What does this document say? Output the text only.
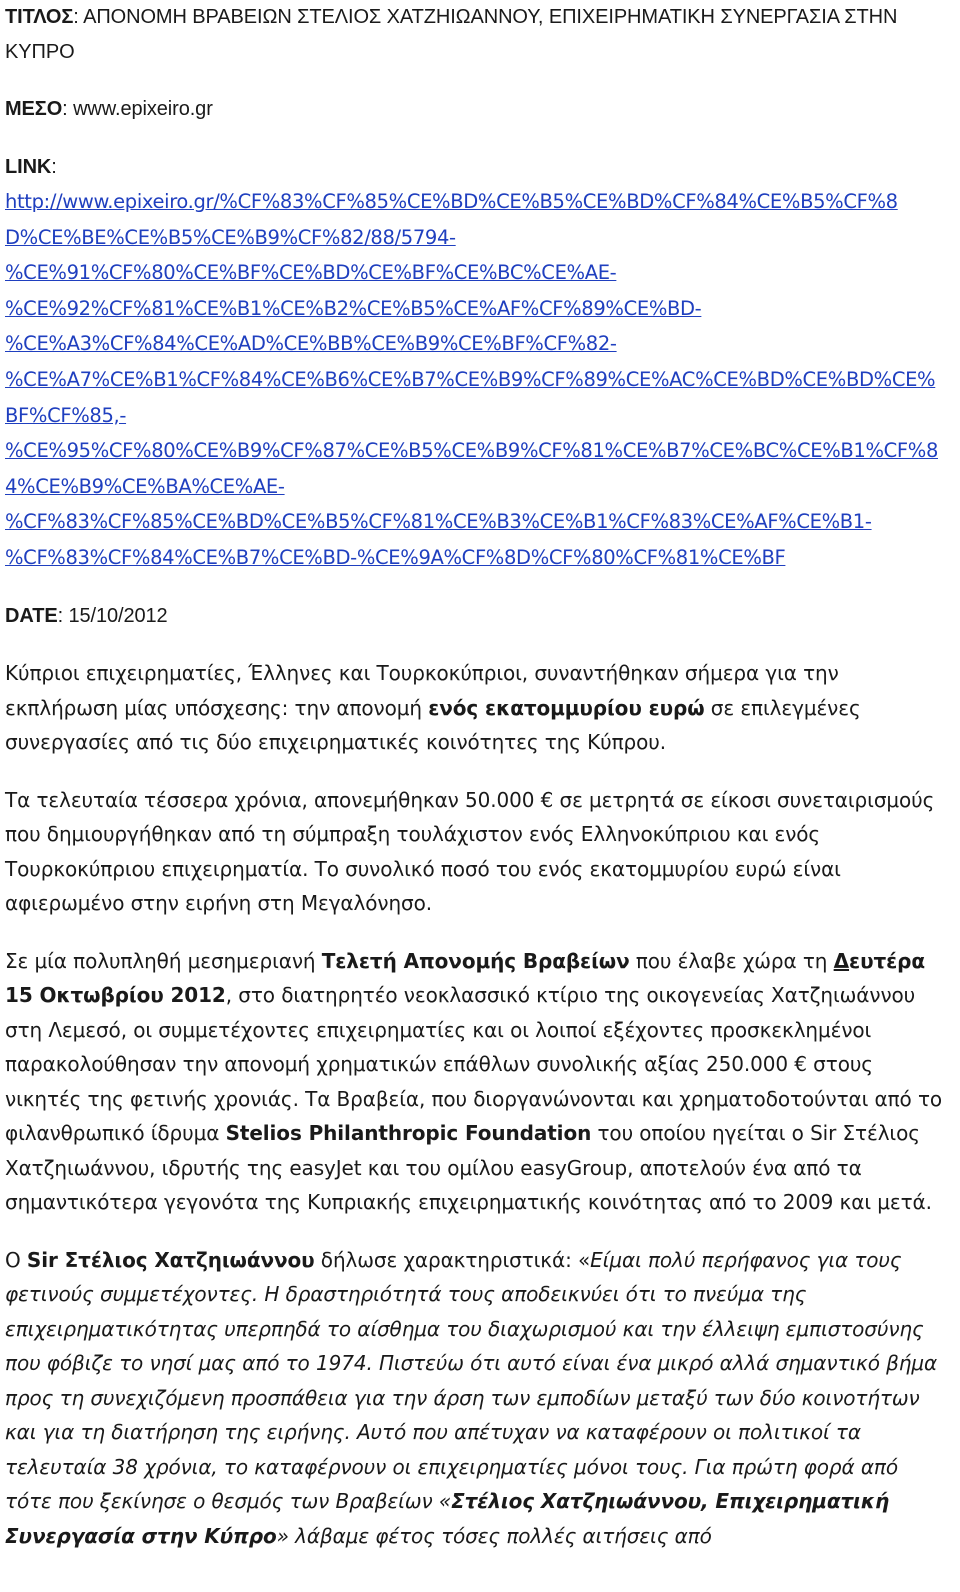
ΤΙΤΛΟΣ: ΑΠΟΝΟΜΗ ΒΡΑΒΕΙΩΝ ΣΤΕΛΙΟΣ ΧΑΤΖΗΙΩΑΝΝΟΥ, ΕΠΙΧΕΙΡΗΜΑΤΙΚΗ ΣΥΝΕΡΓΑΣΙΑ ΣΤΗΝ ΚΥΠΡΟ

ΜΕΣΟ: www.epixeiro.gr

LINK:

http://www.epixeiro.gr/%CF%83%CF%85%CE%BD%CE%B5%CE%BD%CF%84%CE%B5%CF%8

D%CE%BE%CE%B5%CE%B9%CF%82/88/5794-

%CE%91%CF%80%CE%BF%CE%BD%CE%BF%CE%BC%CE%AE-

%CE%92%CF%81%CE%B1%CE%B2%CE%B5%CE%AF%CF%89%CE%BD-

%CE%A3%CF%84%CE%AD%CE%BB%CE%B9%CE%BF%CF%82-

%CE%A7%CE%B1%CF%84%CE%B6%CE%B7%CE%B9%CF%89%CE%AC%CE%BD%CE%BD%CE%

BF%CF%85,-

%CE%95%CF%80%CE%B9%CF%87%CE%B5%CE%B9%CF%81%CE%B7%CE%BC%CE%B1%CF%8

4%CE%B9%CE%BA%CE%AE-

%CF%83%CF%85%CE%BD%CE%B5%CF%81%CE%B3%CE%B1%CF%83%CE%AF%CE%B1-

%CF%83%CF%84%CE%B7%CE%BD-%CE%9A%CF%8D%CF%80%CF%81%CE%BF

DATE: 15/10/2012

Κύπριοι επιχειρηματίες, Έλληνες και Τουρκοκύπριοι, συναντήθηκαν σήμερα για την εκπλήρωση μίας υπόσχεσης: την απονομή ενός εκατομμυρίου ευρώ σε επιλεγμένες συνεργασίες από τις δύο επιχειρηματικές κοινότητες της Κύπρου.

Τα τελευταία τέσσερα χρόνια, απονεμήθηκαν 50.000 € σε μετρητά σε είκοσι συνεταιρισμούς που δημιουργήθηκαν από τη σύμπραξη τουλάχιστον ενός Ελληνοκύπριου και ενός Τουρκοκύπριου επιχειρηματία. Το συνολικό ποσό του ενός εκατομμυρίου ευρώ είναι αφιερωμένο στην ειρήνη στη Μεγαλόνησο.

Σε μία πολυπληθή μεσημεριανή Τελετή Απονομής Βραβείων που έλαβε χώρα τη Δευτέρα 15 Οκτωβρίου 2012, στο διατηρητέο νεοκλασσικό κτίριο της οικογενείας Χατζηιωάννου στη Λεμεσό, οι συμμετέχοντες επιχειρηματίες και οι λοιποί εξέχοντες προσκεκλημένοι παρακολούθησαν την απονομή χρηματικών επάθλων συνολικής αξίας 250.000 € στους νικητές της φετινής χρονιάς. Τα Βραβεία, που διοργανώνονται και χρηματοδοτούνται από το φιλανθρωπικό ίδρυμα Stelios Philanthropic Foundation του οποίου ηγείται ο Sir Στέλιος Χατζηιωάννου, ιδρυτής της easyJet και του ομίλου easyGroup, αποτελούν ένα από τα σημαντικότερα γεγονότα της Κυπριακής επιχειρηματικής κοινότητας από το 2009 και μετά.

Ο Sir Στέλιος Χατζηιωάννου δήλωσε χαρακτηριστικά: «Είμαι πολύ περήφανος για τους φετινούς συμμετέχοντες. Η δραστηριότητά τους αποδεικνύει ότι το πνεύμα της επιχειρηματικότητας υπερπηδά το αίσθημα του διαχωρισμού και την έλλειψη εμπιστοσύνης που φόβιζε το νησί μας από το 1974. Πιστεύω ότι αυτό είναι ένα μικρό αλλά σημαντικό βήμα προς τη συνεχιζόμενη προσπάθεια για την άρση των εμποδίων μεταξύ των δύο κοινοτήτων και για τη διατήρηση της ειρήνης. Αυτό που απέτυχαν να καταφέρουν οι πολιτικοί τα τελευταία 38 χρόνια, το καταφέρνουν οι επιχειρηματίες μόνοι τους. Για πρώτη φορά από τότε που ξεκίνησε ο θεσμός των Βραβείων «Στέλιος Χατζηιωάννου, Επιχειρηματική Συνεργασία στην Κύπρο» λάβαμε φέτος τόσες πολλές αιτήσεις από
